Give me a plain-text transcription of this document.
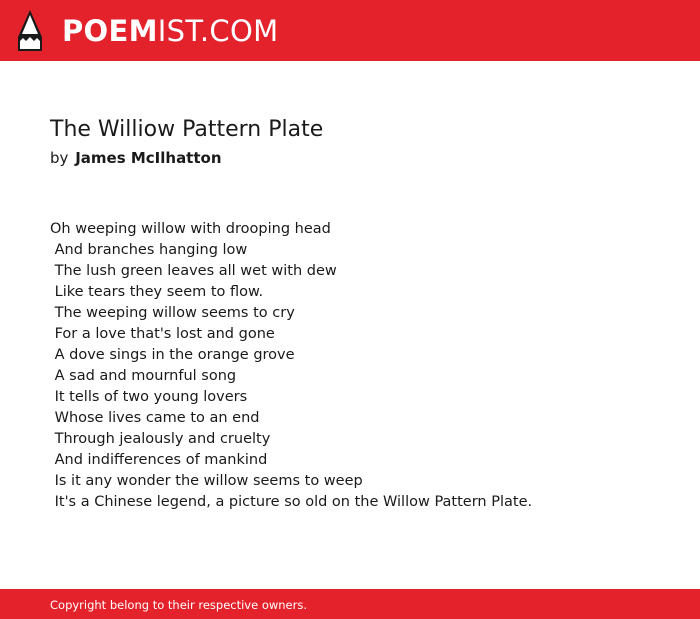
POEMIST.COM
The Williow Pattern Plate
by James McIlhatton
Oh weeping willow with drooping head
And branches hanging low
The lush green leaves all wet with dew
Like tears they seem to flow.
The weeping willow seems to cry
For a love that's lost and gone
A dove sings in the orange grove
A sad and mournful song
It tells of two young lovers
Whose lives came to an end
Through jealously and cruelty
And indifferences of mankind
Is it any wonder the willow seems to weep
It's a Chinese legend, a picture so old on the Willow Pattern Plate.
Copyright belong to their respective owners.
